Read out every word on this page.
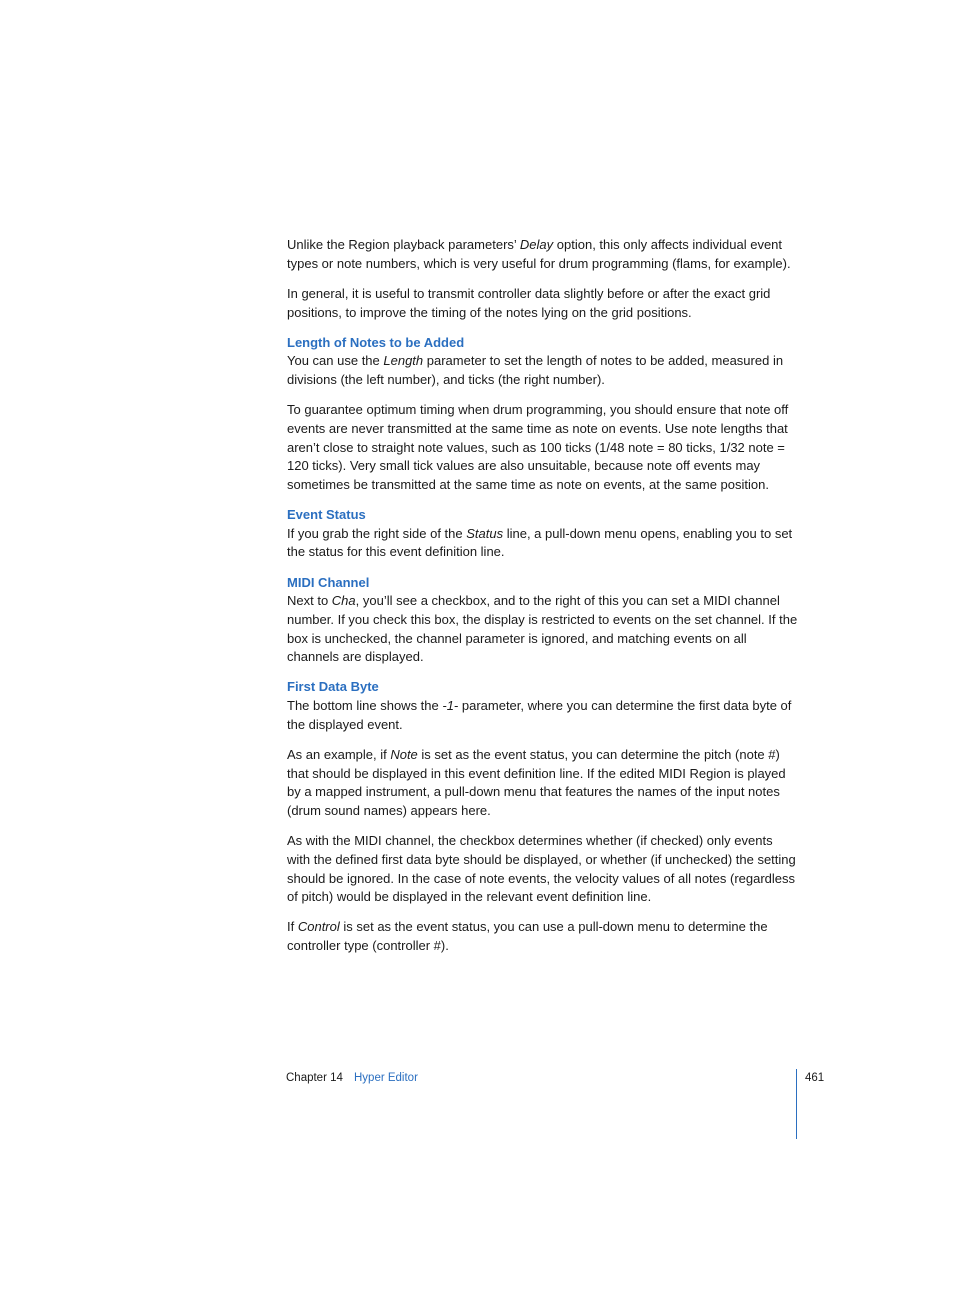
Unlike the Region playback parameters’ Delay option, this only affects individual event types or note numbers, which is very useful for drum programming (flams, for example).

In general, it is useful to transmit controller data slightly before or after the exact grid positions, to improve the timing of the notes lying on the grid positions.

Length of Notes to be Added

You can use the Length parameter to set the length of notes to be added, measured in divisions (the left number), and ticks (the right number).

To guarantee optimum timing when drum programming, you should ensure that note off events are never transmitted at the same time as note on events. Use note lengths that aren’t close to straight note values, such as 100 ticks (1/48 note = 80 ticks, 1/32 note = 120 ticks). Very small tick values are also unsuitable, because note off events may sometimes be transmitted at the same time as note on events, at the same position.

Event Status

If you grab the right side of the Status line, a pull-down menu opens, enabling you to set the status for this event definition line.

MIDI Channel

Next to Cha, you’ll see a checkbox, and to the right of this you can set a MIDI channel number. If you check this box, the display is restricted to events on the set channel. If the box is unchecked, the channel parameter is ignored, and matching events on all channels are displayed.

First Data Byte

The bottom line shows the -1- parameter, where you can determine the first data byte of the displayed event.

As an example, if Note is set as the event status, you can determine the pitch (note #) that should be displayed in this event definition line. If the edited MIDI Region is played by a mapped instrument, a pull-down menu that features the names of the input notes (drum sound names) appears here.

As with the MIDI channel, the checkbox determines whether (if checked) only events with the defined first data byte should be displayed, or whether (if unchecked) the setting should be ignored. In the case of note events, the velocity values of all notes (regardless of pitch) would be displayed in the relevant event definition line.

If Control is set as the event status, you can use a pull-down menu to determine the controller type (controller #).

Chapter 14 Hyper Editor	461
